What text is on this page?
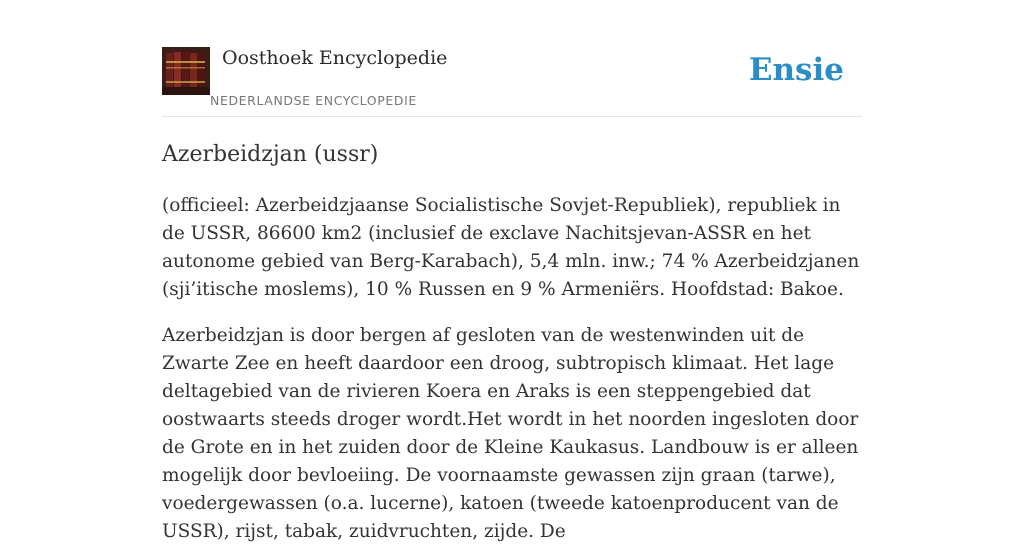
Oosthoek Encyclopedie
NEDERLANDSE ENCYCLOPEDIE
Ensie
Azerbeidzjan (ussr)

(officieel: Azerbeidzjaanse Socialistische Sovjet-Republiek), republiek in de USSR, 86600 km2 (inclusief de exclave Nachitsjevan-ASSR en het autonome gebied van Berg-Karabach), 5,4 mln. inw.; 74 % Azerbeidzjanen (sji’itische moslems), 10 % Russen en 9 % Armeniërs. Hoofdstad: Bakoe.

Azerbeidzjan is door bergen af gesloten van de westenwinden uit de Zwarte Zee en heeft daardoor een droog, subtropisch klimaat. Het lage deltagebied van de rivieren Koera en Araks is een steppengebied dat oostwaarts steeds droger wordt.Het wordt in het noorden ingesloten door de Grote en in het zuiden door de Kleine Kaukasus. Landbouw is er alleen mogelijk door bevloeiing. De voornaamste gewassen zijn graan (tarwe), voedergewassen (o.a. lucerne), katoen (tweede katoenproducent van de USSR), rijst, tabak, zuidvruchten, zijde. De
